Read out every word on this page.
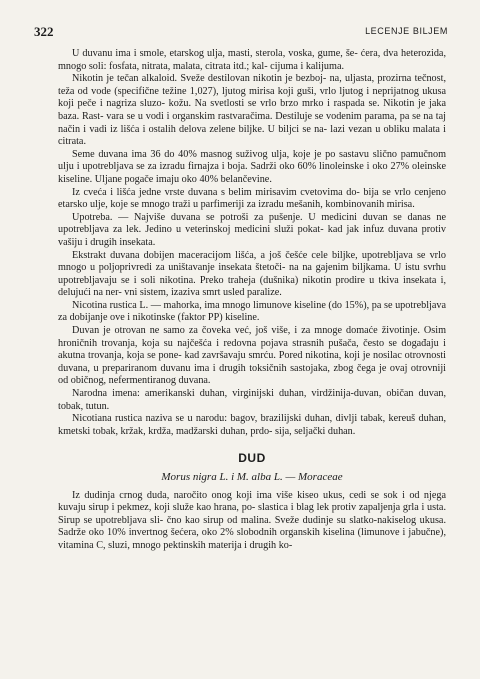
322	LECENJE BILJEM

U duvanu ima i smole, etarskog ulja, masti, sterola, voska, gume, še- ćera, dva heterozida, mnogo soli: fosfata, nitrata, malata, citrata itd.; kal- cijuma i kalijuma.

Nikotin je tečan alkaloid. Sveže destilovan nikotin je bezboj- na, uljasta, prozirna tečnost, teža od vode (specifične težine 1,027), ljutog mirisa koji guši, vrlo ljutog i neprijatnog ukusa koji peče i nagriza sluzo- kožu. Na svetlosti se vrlo brzo mrko i raspada se. Nikotin je jaka baza. Rast- vara se u vodi i organskim rastvaračima. Destiluje se vodenim parama, pa se na taj način i vadi iz lišća i ostalih delova zelene biljke. U biljci se na- lazi vezan u obliku malata i citrata.

Seme duvana ima 36 do 40% masnog suživog ulja, koje je po sastavu slično pamučnom ulju i upotrebljava se za izradu firnajza i boja. Sadrži oko 60% linoleinske i oko 27% oleinske kiseline. Uljane pogače imaju oko 40% belančevine.

Iz cveća i lišća jedne vrste duvana s belim mirisavim cvetovima do- bija se vrlo cenjeno etarsko ulje, koje se mnogo traži u parfimeriji za izradu mešanih, kombinovanih mirisa.

Upotreba. — Najviše duvana se potroši za pušenje. U medicini duvan se danas ne upotrebljava za lek. Jedino u veterinskoj medicini služi pokat- kad jak infuz duvana protiv vašiju i drugih insekata.

Ekstrakt duvana dobijen maceracijom lišća, a još češće cele biljke, upotrebljava se vrlo mnogo u poljoprivredi za uništavanje insekata štetoči- na na gajenim biljkama. U istu svrhu upotrebljavaju se i soli nikotina. Preko traheja (dušnika) nikotin prodire u tkiva insekata i, delujući na ner- vni sistem, izaziva smrt usled paralize.

Nicotina rustica L. — mahorka, ima mnogo limunove kiseline (do 15%), pa se upotrebljava za dobijanje ove i nikotinske (faktor PP) kiseline.

Duvan je otrovan ne samo za čoveka već, još više, i za mnoge domaće životinje. Osim hroničnih trovanja, koja su najčešća i redovna pojava strasnih pušača, često se događaju i akutna trovanja, koja se pone- kad završavaju smrću. Pored nikotina, koji je nosilac otrovnosti duvana, u prepariranom duvanu ima i drugih toksičnih sastojaka, zbog čega je ovaj otrovniji od običnog, nefermentiranog duvana.

Narodna imena: amerikanski duhan, virginijski duhan, virdžinija-duvan, običan duvan, tobak, tutun.

Nicotiana rustica naziva se u narodu: bagov, brazilijski duhan, divlji tabak, kereuš duhan, kmetski tobak, kržak, krdža, madžarski duhan, prdo- sija, seljački duhan.

DUD

Morus nigra L. i M. alba L. — Moraceae

Iz dudinja crnog duda, naročito onog koji ima više kiseo ukus, cedi se sok i od njega kuvaju sirup i pekmez, koji služe kao hrana, po- slastica i blag lek protiv zapaljenja grla i usta. Sirup se upotrebljava sli- čno kao sirup od malina. Sveže dudinje su slatko-nakiselog ukusa. Sadrže oko 10% invertnog šećera, oko 2% slobodnih organskih kiselina (limunove i jabučne), vitamina C, sluzi, mnogo pektinskih materija i drugih ko-
